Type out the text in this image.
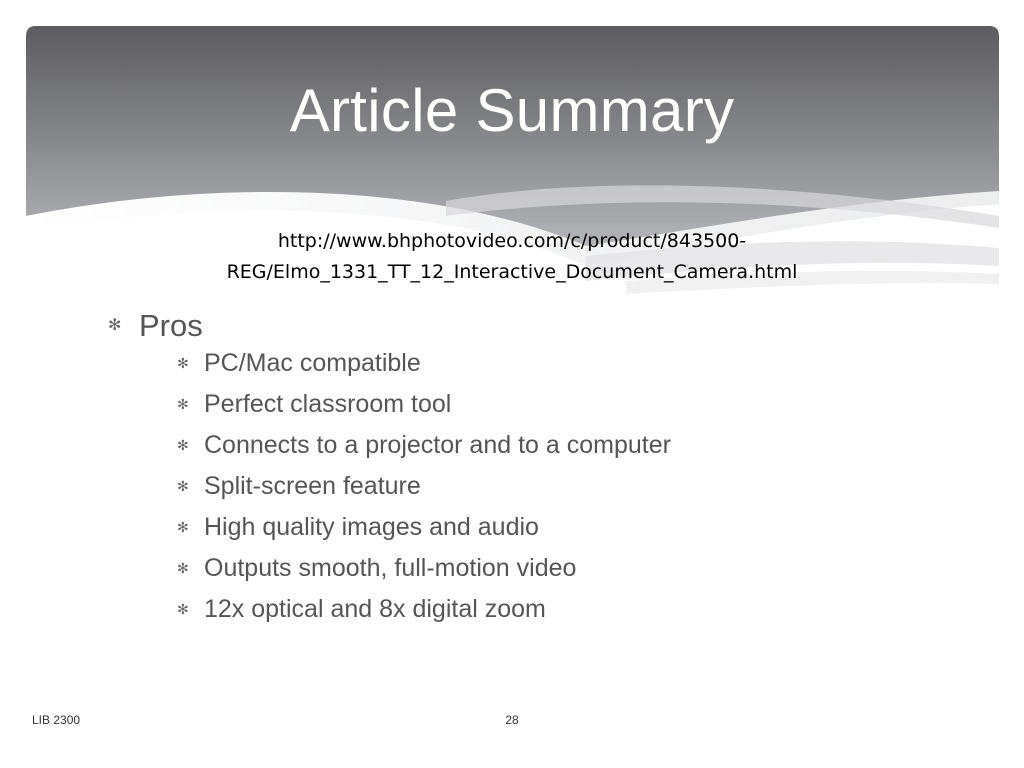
Article Summary
http://www.bhphotovideo.com/c/product/843500-
REG/Elmo_1331_TT_12_Interactive_Document_Camera.html
✻ Pros
✻ PC/Mac compatible
✻ Perfect classroom tool
✻ Connects to a projector and to a computer
✻ Split-screen feature
✻ High quality images and audio
✻ Outputs smooth, full-motion video
✻ 12x optical and 8x digital zoom
LIB 2300	28
